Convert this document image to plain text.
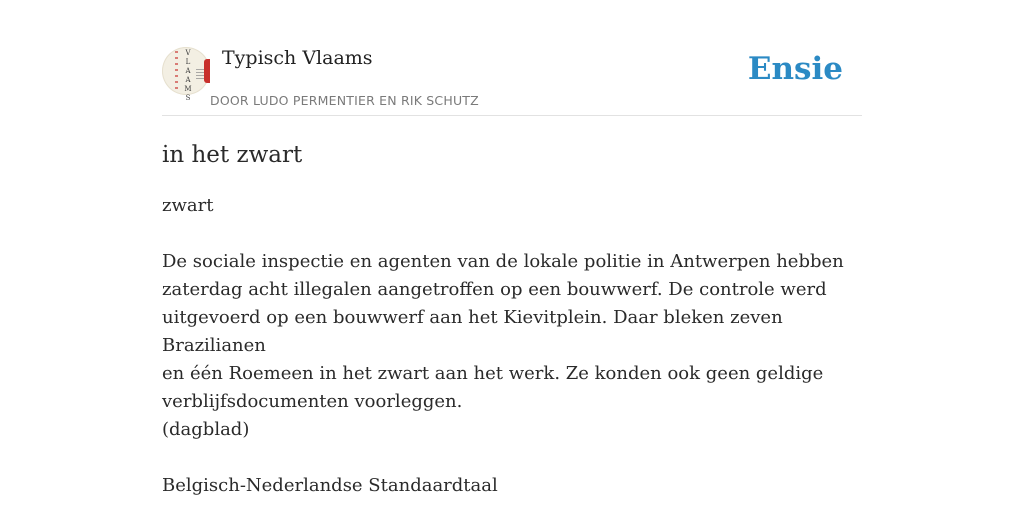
V
L
A
A
M
S
Typisch Vlaams
DOOR LUDO PERMENTIER EN RIK SCHUTZ
Ensie
in het zwart

zwart

De sociale inspectie en agenten van de lokale politie in Antwerpen hebben
zaterdag acht illegalen aangetroffen op een bouwwerf. De controle werd
uitgevoerd op een bouwwerf aan het Kievitplein. Daar bleken zeven Brazilianen
en één Roemeen in het zwart aan het werk. Ze konden ook geen geldige
verblijfsdocumenten voorleggen.

(dagblad)

Belgisch-Nederlandse Standaardtaal
